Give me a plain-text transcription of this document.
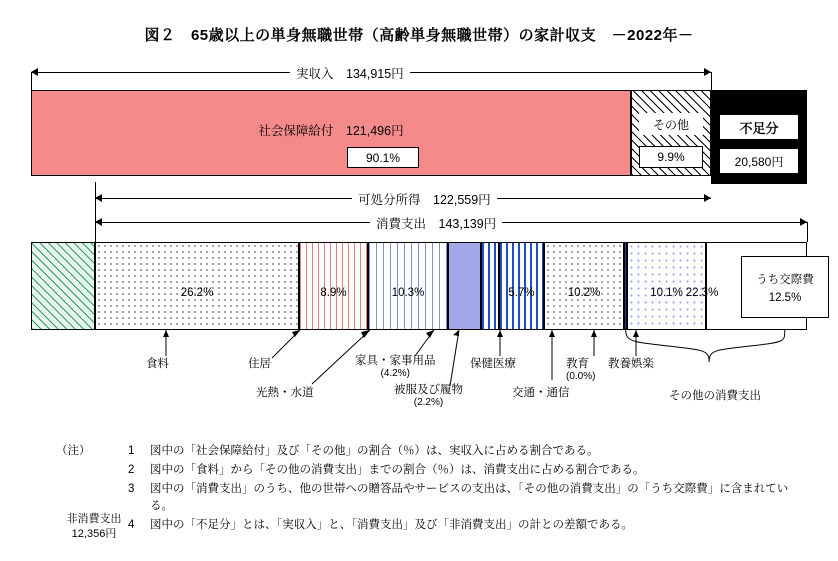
図２　65歳以上の単身無職世帯（高齢単身無職世帯）の家計収支　－2022年－
実収入　134,915円
社会保障給付　121,496円
90.1%
その他
9.9%
不足分
20,580円
可処分所得　122,559円
消費支出　143,139円
非消費支出
12,356円
26.2%	8.9%	10.3%	5.7%	10.2%	10.1% 22.3%
うち交際費
12.5%
食料	住居
光熱・水道
家具・家事用品
(4.2%)
被服及び履物
(2.2%)
保健医療
交通・通信
教育
(0.0%)
教養娯楽
その他の消費支出
（注）	1 図中の「社会保障給付」及び「その他」の割合（％）は、実収入に占める割合である。
2 図中の「食料」から「その他の消費支出」までの割合（％）は、消費支出に占める割合である。
3 図中の「消費支出」のうち、他の世帯への贈答品やサービスの支出は、「その他の消費支出」の「うち交際費」に含まれている。
4 図中の「不足分」とは、「実収入」と、「消費支出」及び「非消費支出」の計との差額である。
